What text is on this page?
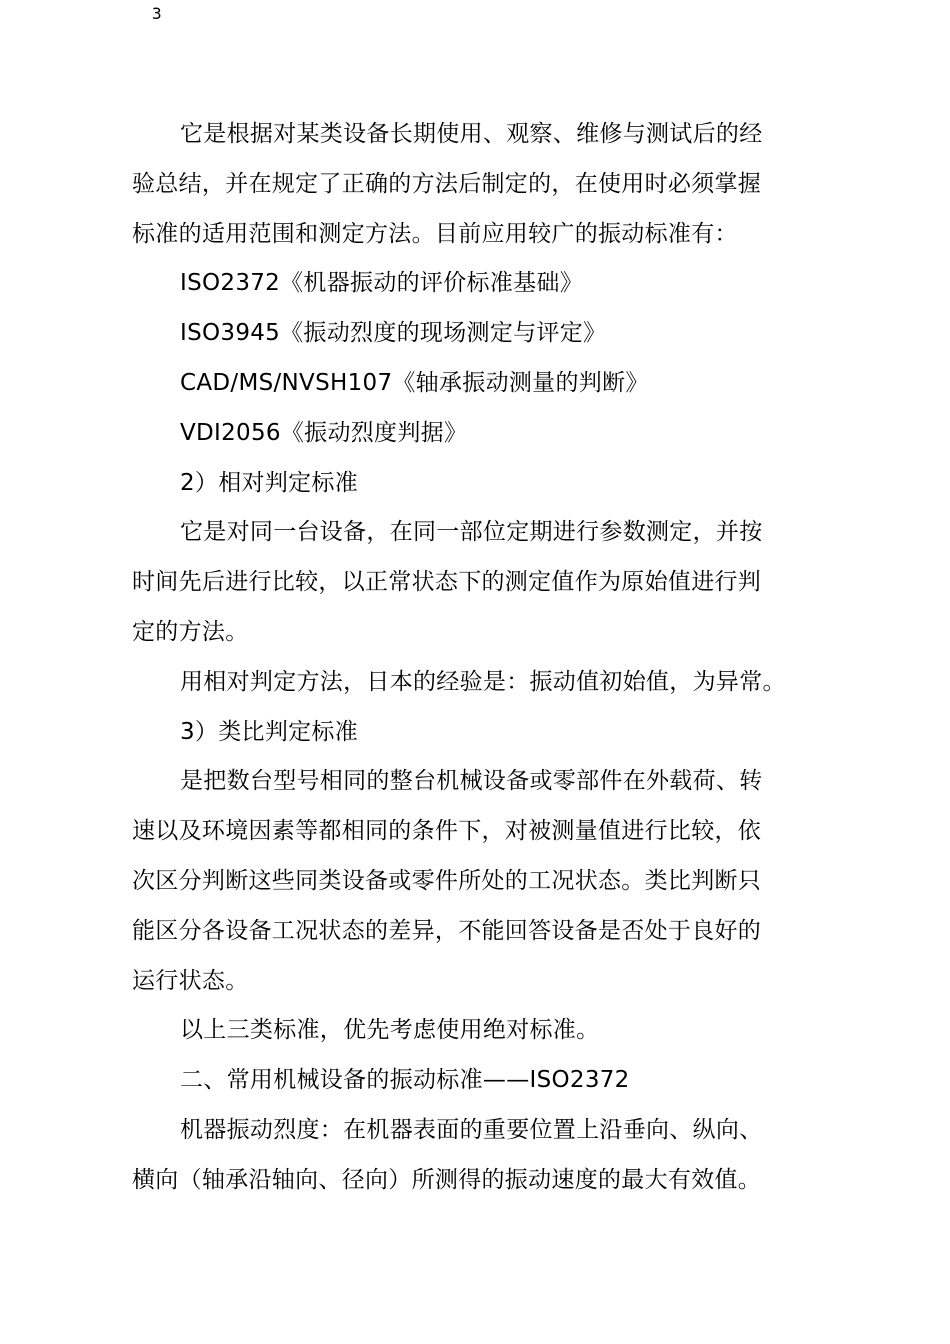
3

它是根据对某类设备长期使用、观察、维修与测试后的经

验总结，并在规定了正确的方法后制定的，在使用时必须掌握

标准的适用范围和测定方法。目前应用较广的振动标准有：

ISO2372《机器振动的评价标准基础》

ISO3945《振动烈度的现场测定与评定》

CAD/MS/NVSH107《轴承振动测量的判断》

VDI2056《振动烈度判据》

2）相对判定标准

它是对同一台设备，在同一部位定期进行参数测定，并按

时间先后进行比较，以正常状态下的测定值作为原始值进行判

定的方法。

用相对判定方法，日本的经验是：振动值初始值，为异常。

3）类比判定标准

是把数台型号相同的整台机械设备或零部件在外载荷、转

速以及环境因素等都相同的条件下，对被测量值进行比较，依

次区分判断这些同类设备或零件所处的工况状态。类比判断只

能区分各设备工况状态的差异，不能回答设备是否处于良好的

运行状态。

以上三类标准，优先考虑使用绝对标准。

二、常用机械设备的振动标准——ISO2372

机器振动烈度：在机器表面的重要位置上沿垂向、纵向、

横向（轴承沿轴向、径向）所测得的振动速度的最大有效值。
